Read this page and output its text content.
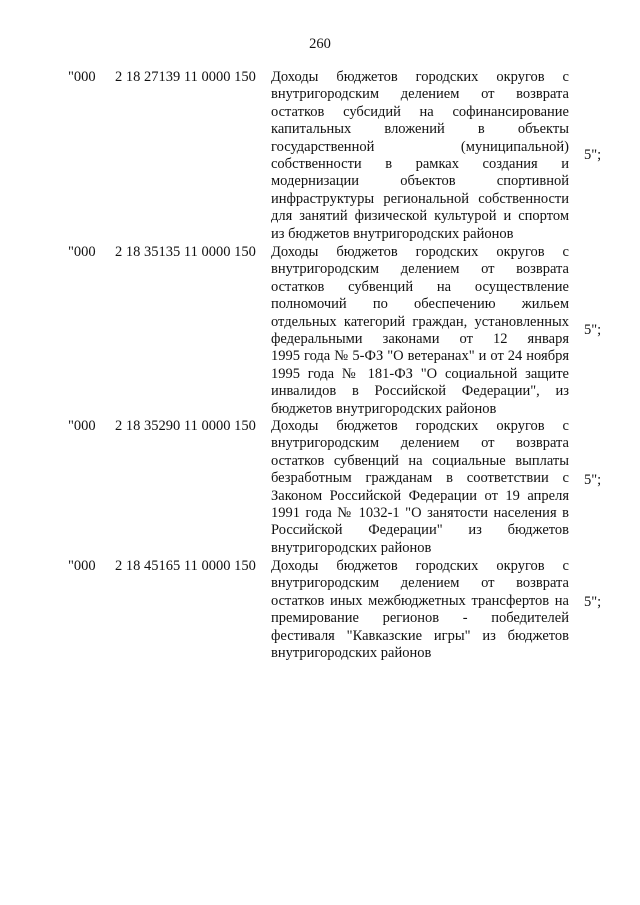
260
"000 2 18 27139 11 0000 150 Доходы бюджетов городских округов с
внутригородским делением от возврата
остатков субсидий на софинансирование
капитальных вложений в объекты
государственной (муниципальной)
собственности в рамках создания и
модернизации объектов спортивной
инфраструктуры региональной собственности
для занятий физической культурой и спортом
из бюджетов внутригородских районов
5";
"000 2 18 35135 11 0000 150 Доходы бюджетов городских округов с
внутригородским делением от возврата
остатков субвенций на осуществление
полномочий по обеспечению жильем
отдельных категорий граждан, установленных
федеральными законами от 12 января
1995 года № 5-ФЗ "О ветеранах" и от 24 ноября
1995 года № 181-ФЗ "О социальной защите
инвалидов в Российской Федерации", из
бюджетов внутригородских районов
5";
"000 2 18 35290 11 0000 150 Доходы бюджетов городских округов с
внутригородским делением от возврата
остатков субвенций на социальные выплаты
безработным гражданам в соответствии с
Законом Российской Федерации от 19 апреля
1991 года № 1032-1 "О занятости населения в
Российской Федерации" из бюджетов
внутригородских районов
5";
"000 2 18 45165 11 0000 150 Доходы бюджетов городских округов с
внутригородским делением от возврата
остатков иных межбюджетных трансфертов на
премирование регионов - победителей
фестиваля "Кавказские игры" из бюджетов
внутригородских районов
5";
